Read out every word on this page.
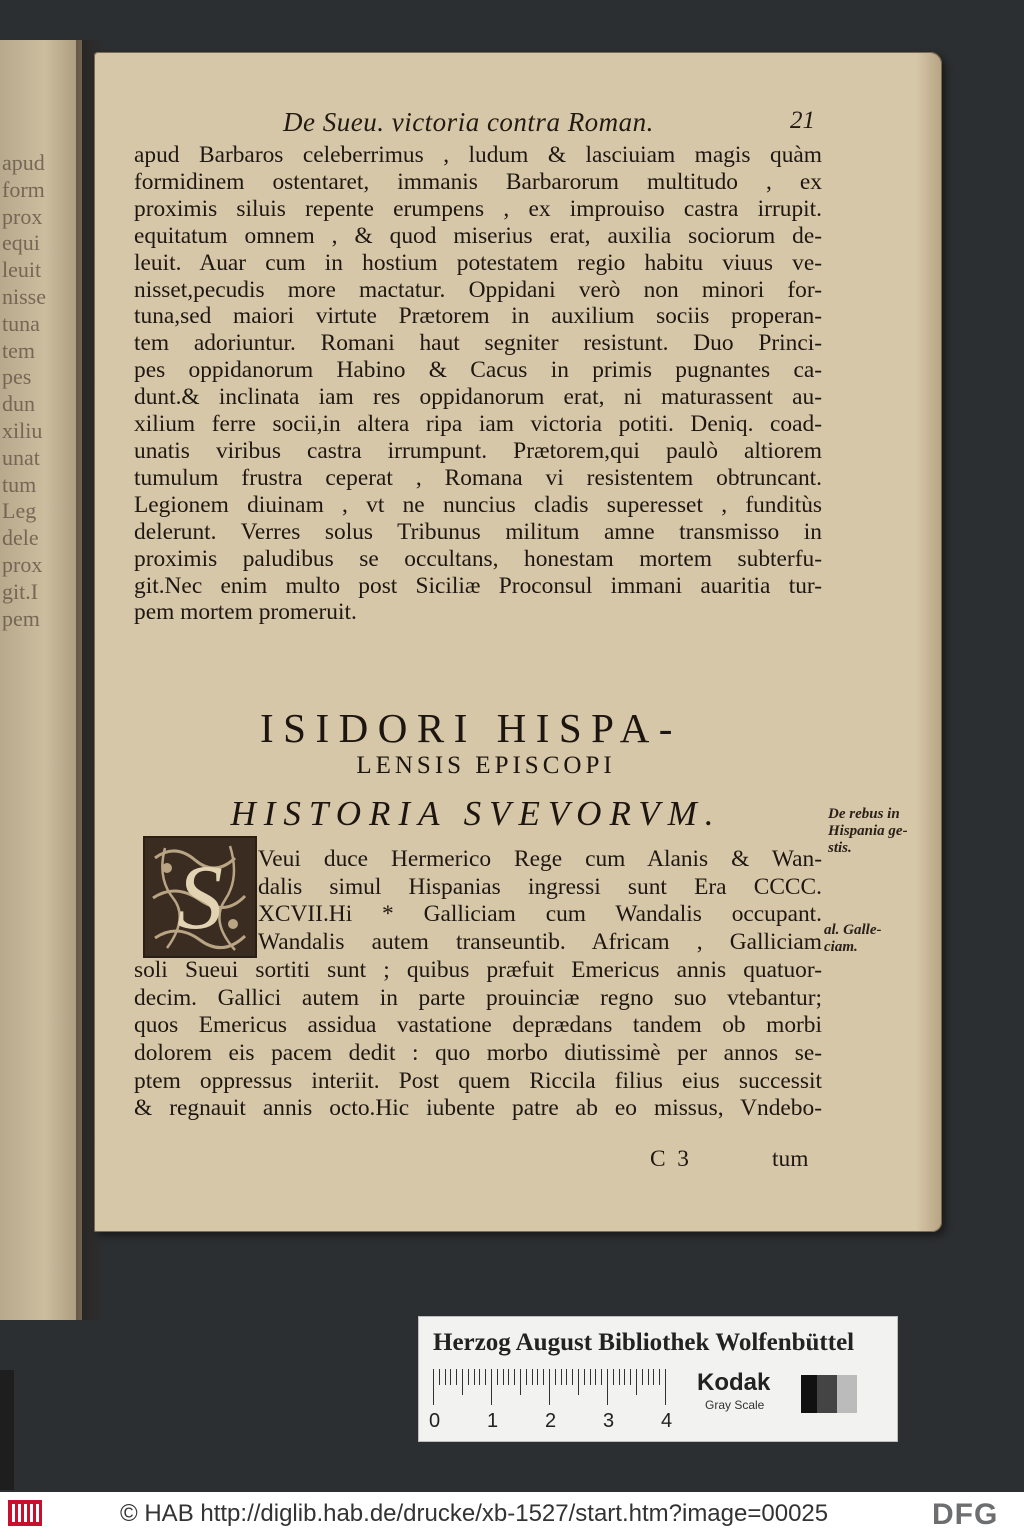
apud
form
prox
equi
leuit
nisse
tuna
tem
pes
dun
xiliu
unat
tum
Leg
dele
prox
git.I
pem
De Sueu. victoria contra Roman.	21
apud Barbaros celeberrimus , ludum & lasciuiam magis quàm
formidinem ostentaret, immanis Barbarorum multitudo , ex
proximis siluis repente erumpens , ex improuiso castra irrupit.
equitatum omnem , & quod miserius erat, auxilia sociorum de-
leuit. Auar cum in hostium potestatem regio habitu viuus ve-
nisset,pecudis more mactatur. Oppidani verò non minori for-
tuna,sed maiori virtute Prætorem in auxilium sociis properan-
tem adoriuntur. Romani haut segniter resistunt. Duo Princi-
pes oppidanorum Habino & Cacus in primis pugnantes ca-
dunt.& inclinata iam res oppidanorum erat, ni maturassent au-
xilium ferre socii,in altera ripa iam victoria potiti. Deniq. coad-
unatis viribus castra irrumpunt. Prætorem,qui paulò altiorem
tumulum frustra ceperat , Romana vi resistentem obtruncant.
Legionem diuinam , vt ne nuncius cladis superesset , funditùs
delerunt. Verres solus Tribunus militum amne transmisso in
proximis paludibus se occultans, honestam mortem subterfu-
git.Nec enim multo post Siciliæ Proconsul immani auaritia tur-
pem mortem promeruit.
ISIDORI HISPA-
LENSIS EPISCOPI
HISTORIA SVEVORVM.	De rebus in
Hispania ge-
stis.
al. Galle-
ciam.
S Veui duce Hermerico Rege cum Alanis & Wan-
dalis simul Hispanias ingressi sunt Era CCCC.
XCVII.Hi * Galliciam cum Wandalis occupant.
Wandalis autem transeuntib. Africam , Galliciam
soli Sueui sortiti sunt ; quibus præfuit Emericus annis quatuor-
decim. Gallici autem in parte prouinciæ regno suo vtebantur;
quos Emericus assidua vastatione deprædans tandem ob morbi
dolorem eis pacem dedit : quo morbo diutissimè per annos se-
ptem oppressus interiit. Post quem Riccila filius eius successit
& regnauit annis octo.Hic iubente patre ab eo missus, Vndebo-
C  3	tum
Herzog August Bibliothek Wolfenbüttel
0 1 2 3 4
Kodak
Gray Scale
© HAB http://diglib.hab.de/drucke/xb-1527/start.htm?image=00025	DFG
